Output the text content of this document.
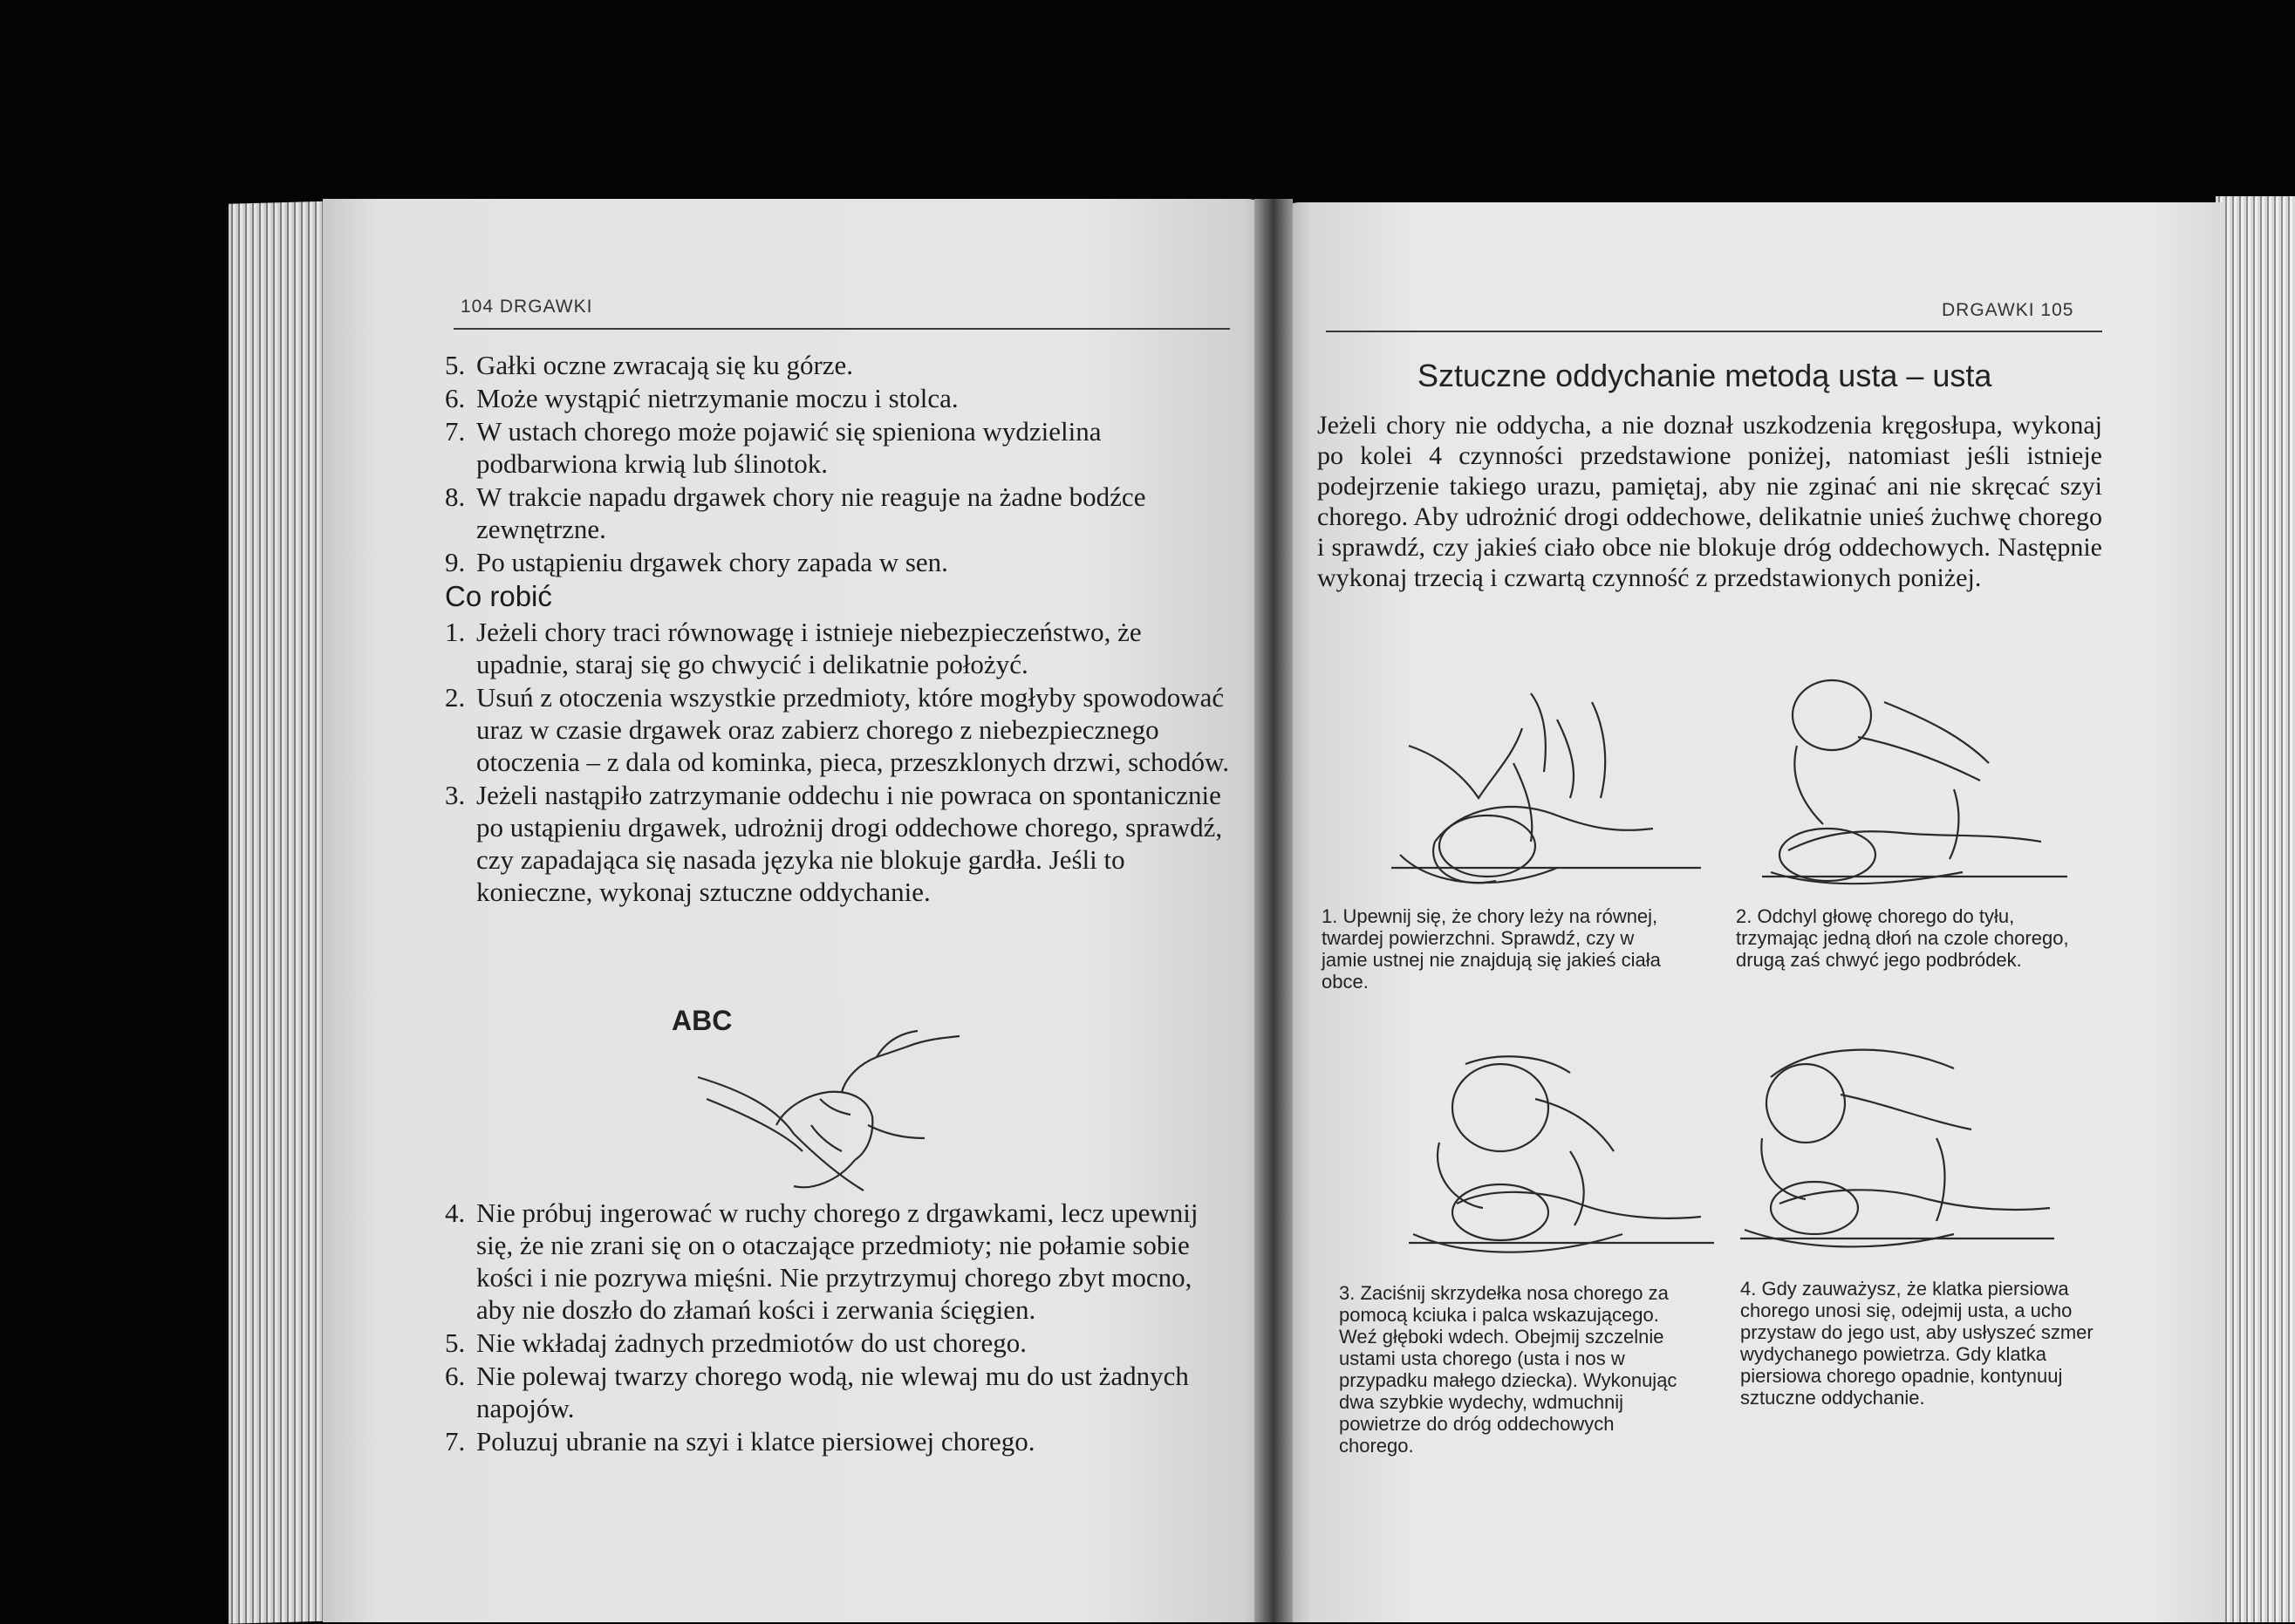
104 DRGAWKI
5. Gałki oczne zwracają się ku górze.
6. Może wystąpić nietrzymanie moczu i stolca.
7. W ustach chorego może pojawić się spieniona wydzielina podbarwiona krwią lub ślinotok.
8. W trakcie napadu drgawek chory nie reaguje na żadne bodźce zewnętrzne.
9. Po ustąpieniu drgawek chory zapada w sen.
Co robić
1. Jeżeli chory traci równowagę i istnieje niebezpieczeństwo, że upadnie, staraj się go chwycić i delikatnie położyć.
2. Usuń z otoczenia wszystkie przedmioty, które mogłyby spowodować uraz w czasie drgawek oraz zabierz chorego z niebezpiecznego otoczenia – z dala od kominka, pieca, przeszklonych drzwi, schodów.
3. Jeżeli nastąpiło zatrzymanie oddechu i nie powraca on spontanicznie po ustąpieniu drgawek, udrożnij drogi oddechowe chorego, sprawdź, czy zapadająca się nasada języka nie blokuje gardła. Jeśli to konieczne, wykonaj sztuczne oddychanie.
ABC
4. Nie próbuj ingerować w ruchy chorego z drgawkami, lecz upewnij się, że nie zrani się on o otaczające przedmioty; nie połamie sobie kości i nie pozrywa mięśni. Nie przytrzymuj chorego zbyt mocno, aby nie doszło do złamań kości i zerwania ścięgien.
5. Nie wkładaj żadnych przedmiotów do ust chorego.
6. Nie polewaj twarzy chorego wodą, nie wlewaj mu do ust żadnych napojów.
7. Poluzuj ubranie na szyi i klatce piersiowej chorego.
DRGAWKI 105
Sztuczne oddychanie metodą usta – usta
Jeżeli chory nie oddycha, a nie doznał uszkodzenia kręgosłupa, wykonaj po kolei 4 czynności przedstawione poniżej, natomiast jeśli istnieje podejrzenie takiego urazu, pamiętaj, aby nie zginać ani nie skręcać szyi chorego. Aby udrożnić drogi oddechowe, delikatnie unieś żuchwę chorego i sprawdź, czy jakieś ciało obce nie blokuje dróg oddechowych. Następnie wykonaj trzecią i czwartą czynność z przedstawionych poniżej.
1. Upewnij się, że chory leży na równej, twardej powierzchni. Sprawdź, czy w jamie ustnej nie znajdują się jakieś ciała obce.
2. Odchyl głowę chorego do tyłu, trzymając jedną dłoń na czole chorego, drugą zaś chwyć jego podbródek.
3. Zaciśnij skrzydełka nosa chorego za pomocą kciuka i palca wskazującego. Weź głęboki wdech. Obejmij szczelnie ustami usta chorego (usta i nos w przypadku małego dziecka). Wykonując dwa szybkie wydechy, wdmuchnij powietrze do dróg oddechowych chorego.
4. Gdy zauważysz, że klatka piersiowa chorego unosi się, odejmij usta, a ucho przystaw do jego ust, aby usłyszeć szmer wydychanego powietrza. Gdy klatka piersiowa chorego opadnie, kontynuuj sztuczne oddychanie.
